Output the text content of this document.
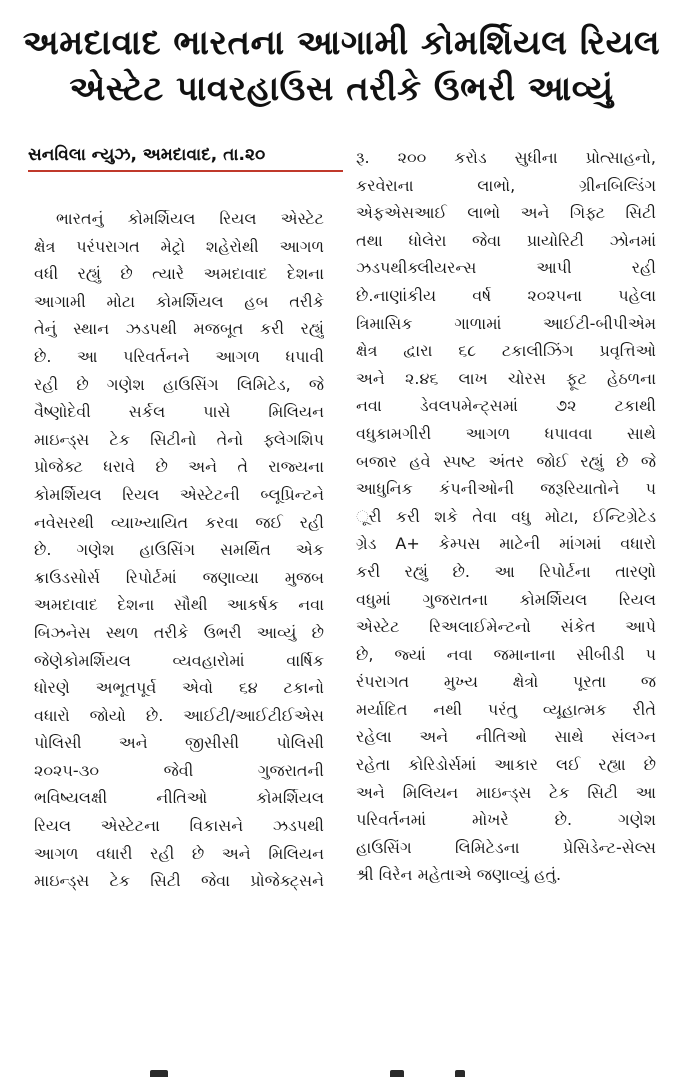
અમદાવાદ ભારતના આગામી કોમર્શિયલ રિયલ
એસ્ટેટ પાવરહાઉસ તરીકે ઉભરી આવ્યું
સનવિલા ન્યુઝ, અમદાવાદ, તા.૨૦
ભારતનું કોમર્શિયલ રિયલ એસ્ટેટ
ક્ષેત્ર પરંપરાગત મેટ્રો શહેરોથી આગળ
વધી રહ્યું છે ત્યારે અમદાવાદ દેશના
આગામી મોટા કોમર્શિયલ હબ તરીકે
તેનું સ્થાન ઝડપથી મજબૂત કરી રહ્યું
છે. આ પરિવર્તનને આગળ ધપાવી
રહી છે ગણેશ હાઉસિંગ લિમિટેડ, જે
વૈષ્ણોદેવી સર્કલ પાસે મિલિયન
માઇન્ડ્સ ટેક સિટીનો તેનો ફ્લેગશિપ
પ્રોજેક્ટ ધરાવે છે અને તે રાજ્યના
કોમર્શિયલ રિયલ એસ્ટેટની બ્લૂપ્રિન્ટને
નવેસરથી વ્યાખ્યાયિત કરવા જઈ રહી
છે. ગણેશ હાઉસિંગ સમર્થિત એક
ક્રાઉડસોર્સ રિપોર્ટમાં જણાવ્યા મુજબ
અમદાવાદ દેશના સૌથી આકર્ષક નવા
બિઝનેસ સ્થળ તરીકે ઉભરી આવ્યું છે
જેણેકોમર્શિયલ વ્યવહારોમાં વાર્ષિક
ધોરણે અભૂતપૂર્વ એવો ૬૪ ટકાનો
વધારો જોયો છે. આઈટી/આઈટીઈએસ
પોલિસી અને જીસીસી પોલિસી
૨૦૨૫-૩૦ જેવી ગુજરાતની
ભવિષ્યલક્ષી નીતિઓ કોમર્શિયલ
રિયલ એસ્ટેટના વિકાસને ઝડપથી
આગળ વધારી રહી છે અને મિલિયન
માઇન્ડ્સ ટેક સિટી જેવા પ્રોજેક્ટ્સને
રૂ. ૨૦૦ કરોડ સુધીના પ્રોત્સાહનો,
કરવેરાના લાભો, ગ્રીનબિલ્ડિંગ
એફએસઆઈ લાભો અને ગિફ્ટ સિટી
તથા ધોલેરા જેવા પ્રાયોરિટી ઝોનમાં
ઝડપથીક્લીયરન્સ આપી રહી
છે.નાણાંકીય વર્ષ ૨૦૨૫ના પહેલા
ત્રિમાસિક ગાળામાં આઈટી-બીપીએમ
ક્ષેત્ર દ્વારા ૬૮ ટકાલીઝિંગ પ્રવૃત્તિઓ
અને ૨.૪૬ લાખ ચોરસ ફૂટ હેઠળના
નવા ડેવલપમેન્ટ્સમાં ૭૨ ટકાથી
વધુકામગીરી આગળ ધપાવવા સાથે
બજાર હવે સ્પષ્ટ અંતર જોઈ રહ્યું છે જે
આધુનિક કંપનીઓની જરૂરિયાતોને પ
ૂરી કરી શકે તેવા વધુ મોટા, ઈન્ટિગ્રેટેડ
ગ્રેડ A+ કેમ્પસ માટેની માંગમાં વધારો
કરી રહ્યું છે. આ રિપોર્ટના તારણો
વધુમાં ગુજરાતના કોમર્શિયલ રિયલ
એસ્ટેટ રિઅલાઈમેન્ટનો સંકેત આપે
છે, જ્યાં નવા જમાનાના સીબીડી પ
રંપરાગત મુખ્ય ક્ષેત્રો પૂરતા જ
મર્યાદિત નથી પરંતુ વ્યૂહાત્મક રીતે
રહેલા અને નીતિઓ સાથે સંલગ્ન
રહેતા કોરિડોર્સમાં આકાર લઈ રહ્યા છે
અને મિલિયન માઇન્ડ્સ ટેક સિટી આ
પરિવર્તનમાં મોખરે છે. ગણેશ
હાઉસિંગ લિમિટેડના પ્રેસિડેન્ટ-સેલ્સ
શ્રી વિરેન મહેતાએ જણાવ્યું હતું.
